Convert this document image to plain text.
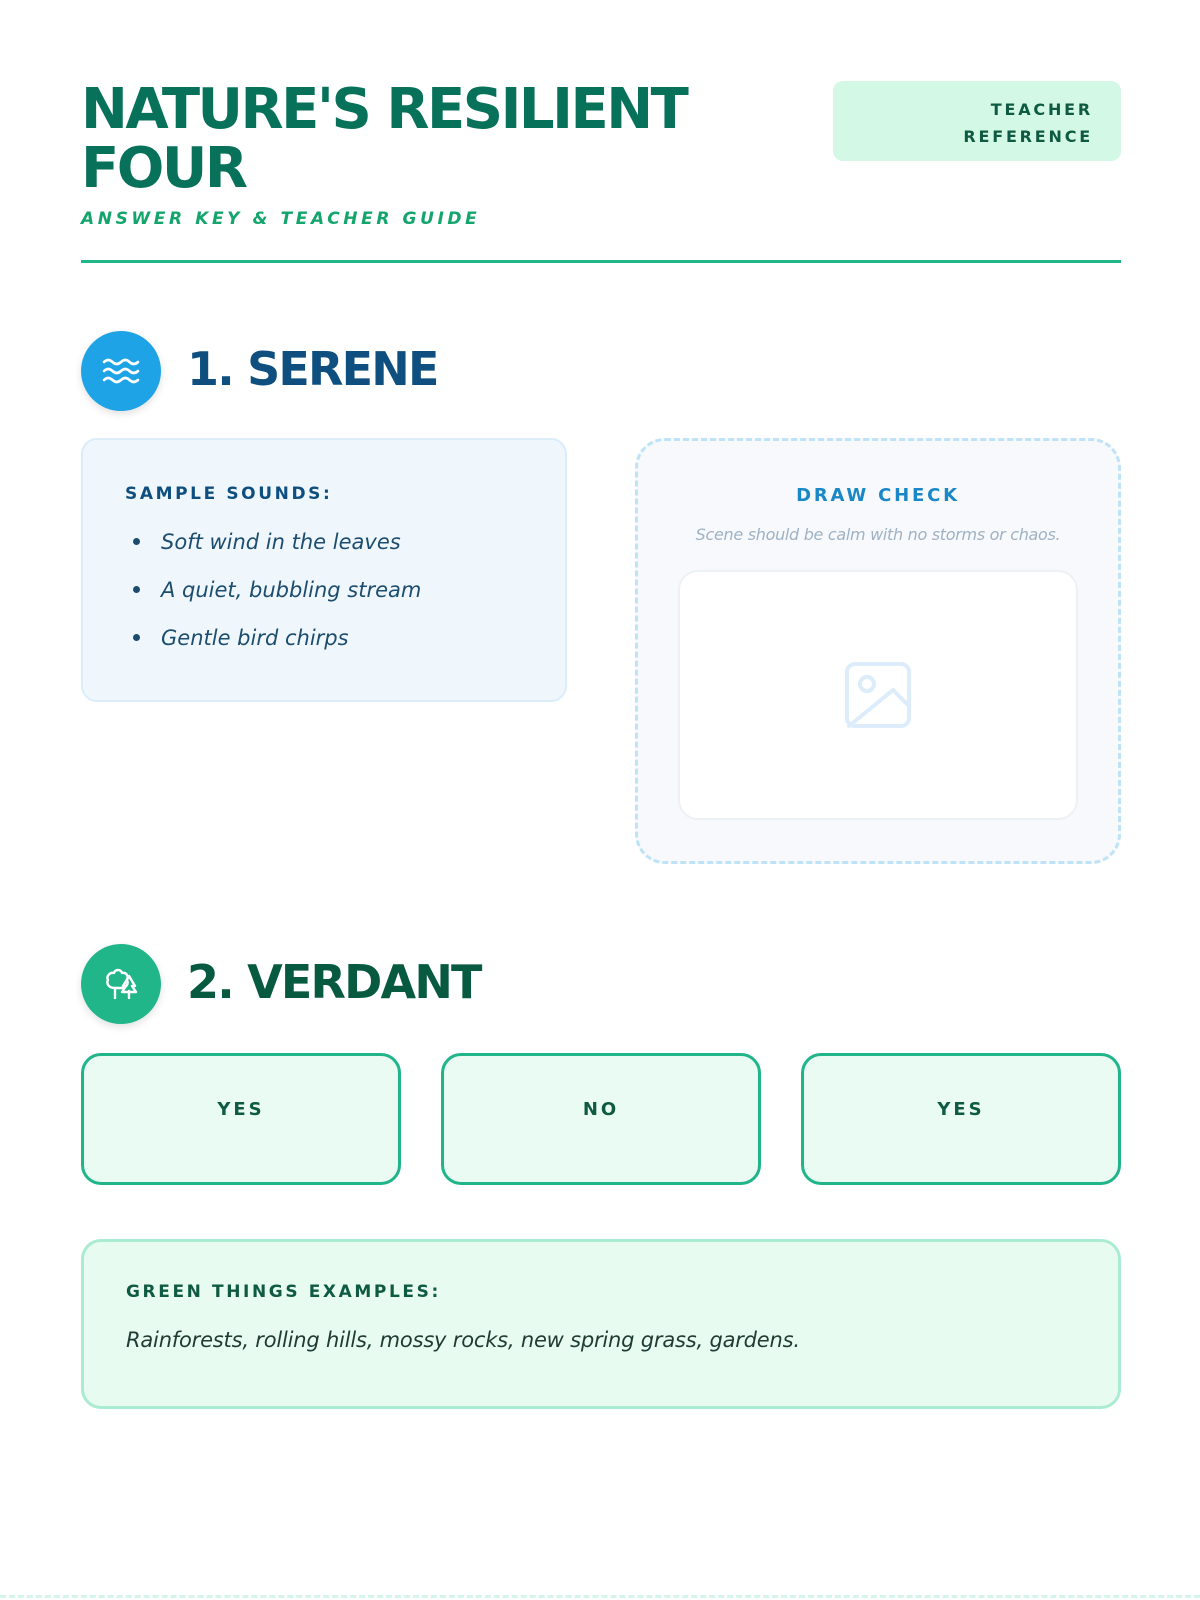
NATURE'S RESILIENT FOUR

ANSWER KEY & TEACHER GUIDE

TEACHER
REFERENCE
1. SERENE

SAMPLE SOUNDS:

Soft wind in the leaves
A quiet, bubbling stream
Gentle bird chirps

DRAW CHECK

Scene should be calm with no storms or chaos.

2. VERDANT
YES	NO	YES

GREEN THINGS EXAMPLES:

Rainforests, rolling hills, mossy rocks, new spring grass, gardens.
